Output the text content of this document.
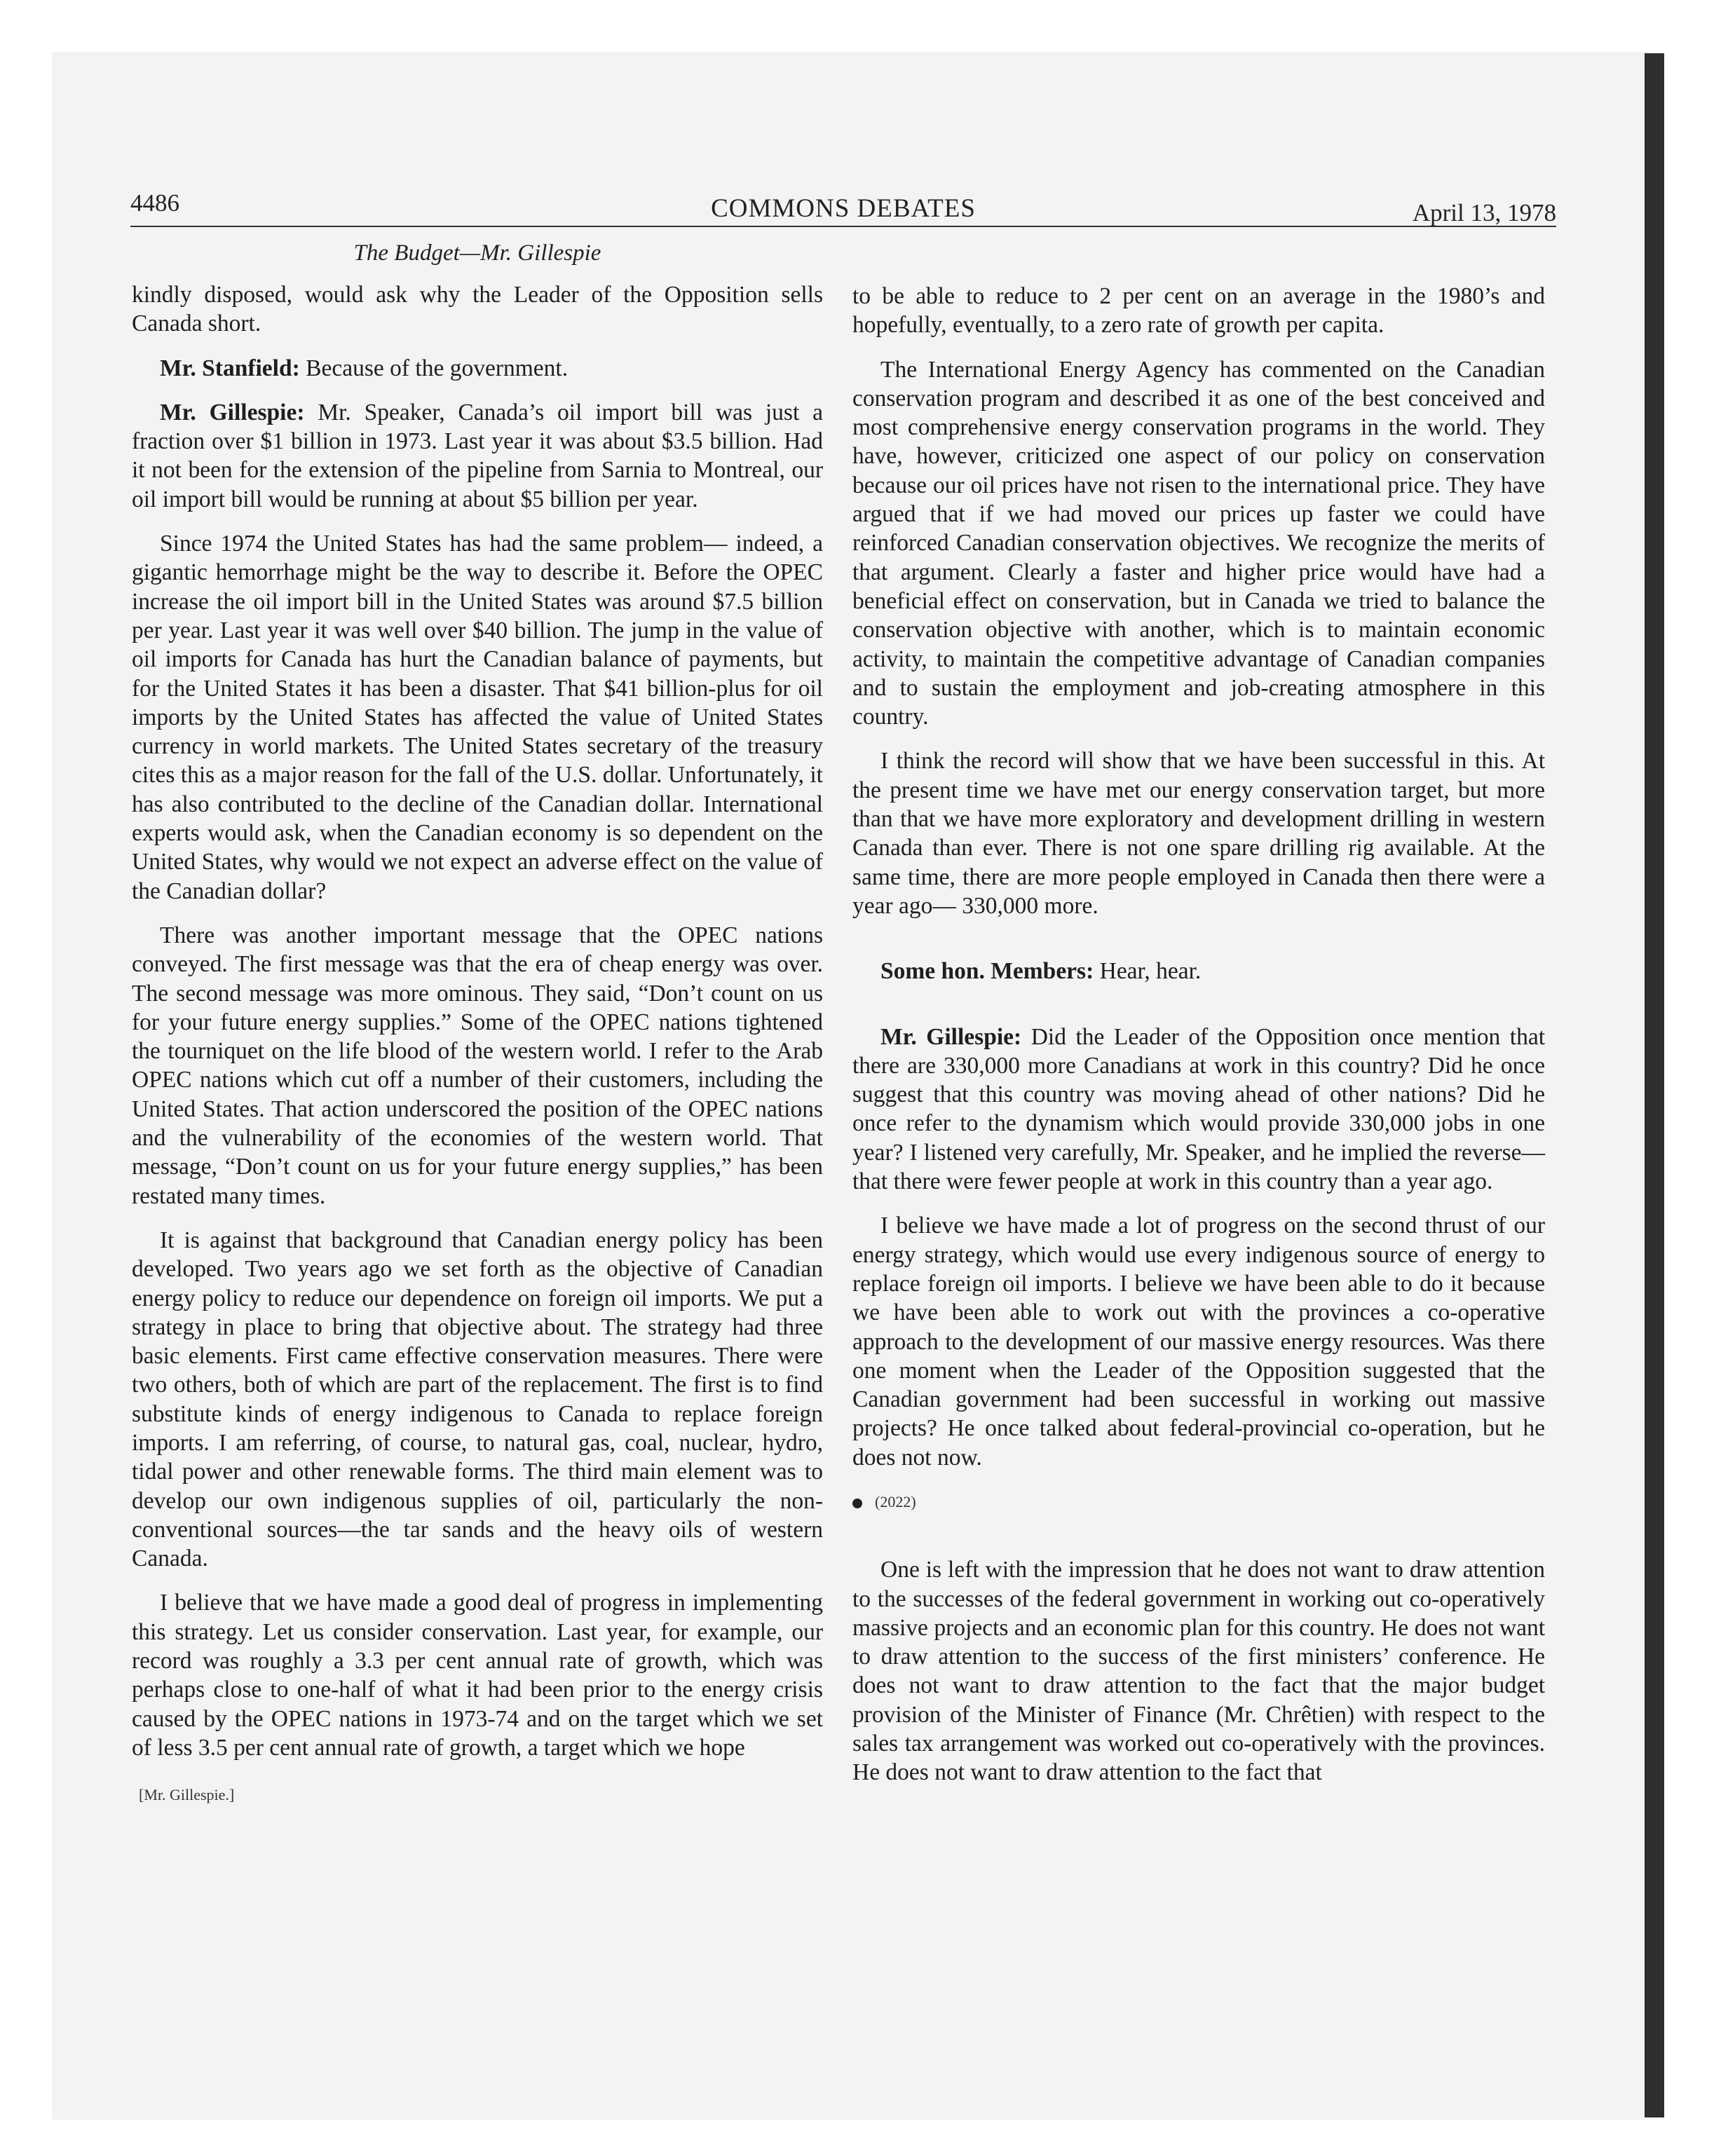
4486	COMMONS DEBATES	April 13, 1978
The Budget—Mr. Gillespie

kindly disposed, would ask why the Leader of the Opposition sells Canada short.

Mr. Stanfield: Because of the government.

Mr. Gillespie: Mr. Speaker, Canada’s oil import bill was just a fraction over $1 billion in 1973. Last year it was about $3.5 billion. Had it not been for the extension of the pipeline from Sarnia to Montreal, our oil import bill would be running at about $5 billion per year.

Since 1974 the United States has had the same problem— indeed, a gigantic hemorrhage might be the way to describe it. Before the OPEC increase the oil import bill in the United States was around $7.5 billion per year. Last year it was well over $40 billion. The jump in the value of oil imports for Canada has hurt the Canadian balance of payments, but for the United States it has been a disaster. That $41 billion-plus for oil imports by the United States has affected the value of United States currency in world markets. The United States secretary of the treasury cites this as a major reason for the fall of the U.S. dollar. Unfortunately, it has also contributed to the decline of the Canadian dollar. International experts would ask, when the Canadian economy is so dependent on the United States, why would we not expect an adverse effect on the value of the Canadian dollar?

There was another important message that the OPEC nations conveyed. The first message was that the era of cheap energy was over. The second message was more ominous. They said, “Don’t count on us for your future energy supplies.” Some of the OPEC nations tightened the tourniquet on the life blood of the western world. I refer to the Arab OPEC nations which cut off a number of their customers, including the United States. That action underscored the position of the OPEC nations and the vulnerability of the economies of the western world. That message, “Don’t count on us for your future energy supplies,” has been restated many times.

It is against that background that Canadian energy policy has been developed. Two years ago we set forth as the objective of Canadian energy policy to reduce our dependence on foreign oil imports. We put a strategy in place to bring that objective about. The strategy had three basic elements. First came effective conservation measures. There were two others, both of which are part of the replacement. The first is to find substitute kinds of energy indigenous to Canada to replace foreign imports. I am referring, of course, to natural gas, coal, nuclear, hydro, tidal power and other renewable forms. The third main element was to develop our own indigenous supplies of oil, particularly the non-conventional sources—the tar sands and the heavy oils of western Canada.

I believe that we have made a good deal of progress in implementing this strategy. Let us consider conservation. Last year, for example, our record was roughly a 3.3 per cent annual rate of growth, which was perhaps close to one-half of what it had been prior to the energy crisis caused by the OPEC nations in 1973-74 and on the target which we set of less 3.5 per cent annual rate of growth, a target which we hope

[Mr. Gillespie.]

to be able to reduce to 2 per cent on an average in the 1980’s and hopefully, eventually, to a zero rate of growth per capita.

The International Energy Agency has commented on the Canadian conservation program and described it as one of the best conceived and most comprehensive energy conservation programs in the world. They have, however, criticized one aspect of our policy on conservation because our oil prices have not risen to the international price. They have argued that if we had moved our prices up faster we could have reinforced Canadian conservation objectives. We recognize the merits of that argument. Clearly a faster and higher price would have had a beneficial effect on conservation, but in Canada we tried to balance the conservation objective with another, which is to maintain economic activity, to maintain the competitive advantage of Canadian companies and to sustain the employment and job-creating atmosphere in this country.

I think the record will show that we have been successful in this. At the present time we have met our energy conservation target, but more than that we have more exploratory and development drilling in western Canada than ever. There is not one spare drilling rig available. At the same time, there are more people employed in Canada then there were a year ago— 330,000 more.

Some hon. Members: Hear, hear.

Mr. Gillespie: Did the Leader of the Opposition once mention that there are 330,000 more Canadians at work in this country? Did he once suggest that this country was moving ahead of other nations? Did he once refer to the dynamism which would provide 330,000 jobs in one year? I listened very carefully, Mr. Speaker, and he implied the reverse—that there were fewer people at work in this country than a year ago.

I believe we have made a lot of progress on the second thrust of our energy strategy, which would use every indigenous source of energy to replace foreign oil imports. I believe we have been able to do it because we have been able to work out with the provinces a co-operative approach to the development of our massive energy resources. Was there one moment when the Leader of the Opposition suggested that the Canadian government had been successful in working out massive projects? He once talked about federal-provincial co-operation, but he does not now.

(2022)

One is left with the impression that he does not want to draw attention to the successes of the federal government in working out co-operatively massive projects and an economic plan for this country. He does not want to draw attention to the success of the first ministers’ conference. He does not want to draw attention to the fact that the major budget provision of the Minister of Finance (Mr. Chrêtien) with respect to the sales tax arrangement was worked out co-operatively with the provinces. He does not want to draw attention to the fact that
